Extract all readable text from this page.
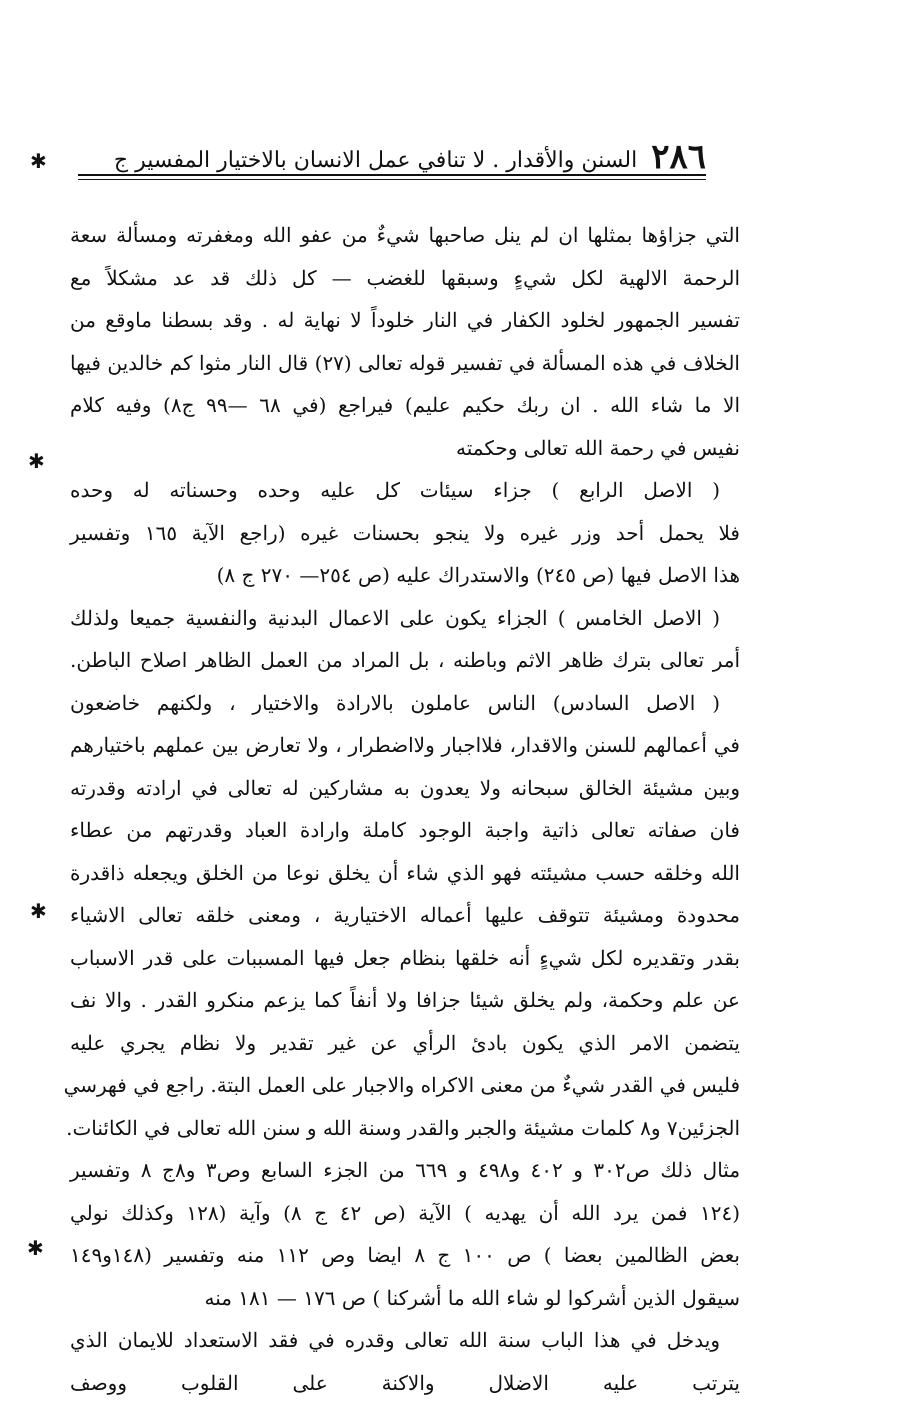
٢٨٦
السنن والأقدار . لا تنافي عمل الانسان بالاختيار المفسير ج
✱
✱
✱
✱
التي جزاؤها بمثلها ان لم ينل صاحبها شيءٌ من عفو الله ومغفرته ومسألة سعة
الرحمة الالهية لكل شيءٍ وسبقها للغضب — كل ذلك قد عد مشكلاً مع
تفسير الجمهور لخلود الكفار في النار خلوداً لا نهاية له . وقد بسطنا ماوقع من
الخلاف في هذه المسألة في تفسير قوله تعالى (٢٧) قال النار مثوا كم خالدين فيها
الا ما شاء الله . ان ربك حكيم عليم) فيراجع (في ٦٨ —٩٩ ج٨) وفيه كلام
نفيس في رحمة الله تعالى وحكمته
( الاصل الرابع ) جزاء سيئات كل عليه وحده وحسناته له وحده
فلا يحمل أحد وزر غيره ولا ينجو بحسنات غيره (راجع الآية ١٦٥ وتفسير
هذا الاصل فيها (ص ٢٤٥) والاستدراك عليه (ص ٢٥٤— ٢٧٠ ج ٨)
( الاصل الخامس ) الجزاء يكون على الاعمال البدنية والنفسية جميعا ولذلك
أمر تعالى بترك ظاهر الاثم وباطنه ، بل المراد من العمل الظاهر اصلاح الباطن.
( الاصل السادس) الناس عاملون بالارادة والاختيار ، ولكنهم خاضعون
في أعمالهم للسنن والاقدار، فلااجبار ولااضطرار ، ولا تعارض بين عملهم باختيارهم
وبين مشيئة الخالق سبحانه ولا يعدون به مشاركين له تعالى في ارادته وقدرته
فان صفاته تعالى ذاتية واجبة الوجود كاملة وارادة العباد وقدرتهم من عطاء
الله وخلقه حسب مشيئته فهو الذي شاء أن يخلق نوعا من الخلق ويجعله ذاقدرة
محدودة ومشيئة تتوقف عليها أعماله الاختيارية ، ومعنى خلقه تعالى الاشياء
بقدر وتقديره لكل شيءٍ أنه خلقها بنظام جعل فيها المسببات على قدر الاسباب
عن علم وحكمة، ولم يخلق شيئا جزافا ولا أنفاً كما يزعم منكرو القدر . والا نف
يتضمن الامر الذي يكون بادئ الرأي عن غير تقدير ولا نظام يجري عليه
فليس في القدر شيءٌ من معنى الاكراه والاجبار على العمل البتة. راجع في فهرسي
الجزئين٧ و٨ كلمات مشيئة والجبر والقدر وسنة الله و سنن الله تعالى في الكائنات.
مثال ذلك ص٣٠٢ و ٤٠٢ و٤٩٨ و ٦٦٩ من الجزء السابع وص٣ و٨ج ٨ وتفسير
(١٢٤ فمن يرد الله أن يهديه ) الآية (ص ٤٢ ج ٨) وآية (١٢٨ وكذلك نولي
بعض الظالمين بعضا ) ص ١٠٠ ج ٨ ايضا وص ١١٢ منه وتفسير (١٤٨و١٤٩
سيقول الذين أشركوا لو شاء الله ما أشركنا ) ص ١٧٦ — ١٨١ منه
ويدخل في هذا الباب سنة الله تعالى وقدره في فقد الاستعداد للايمان الذي
يترتب عليه الاضلال والاكنة على القلوب ووصف
